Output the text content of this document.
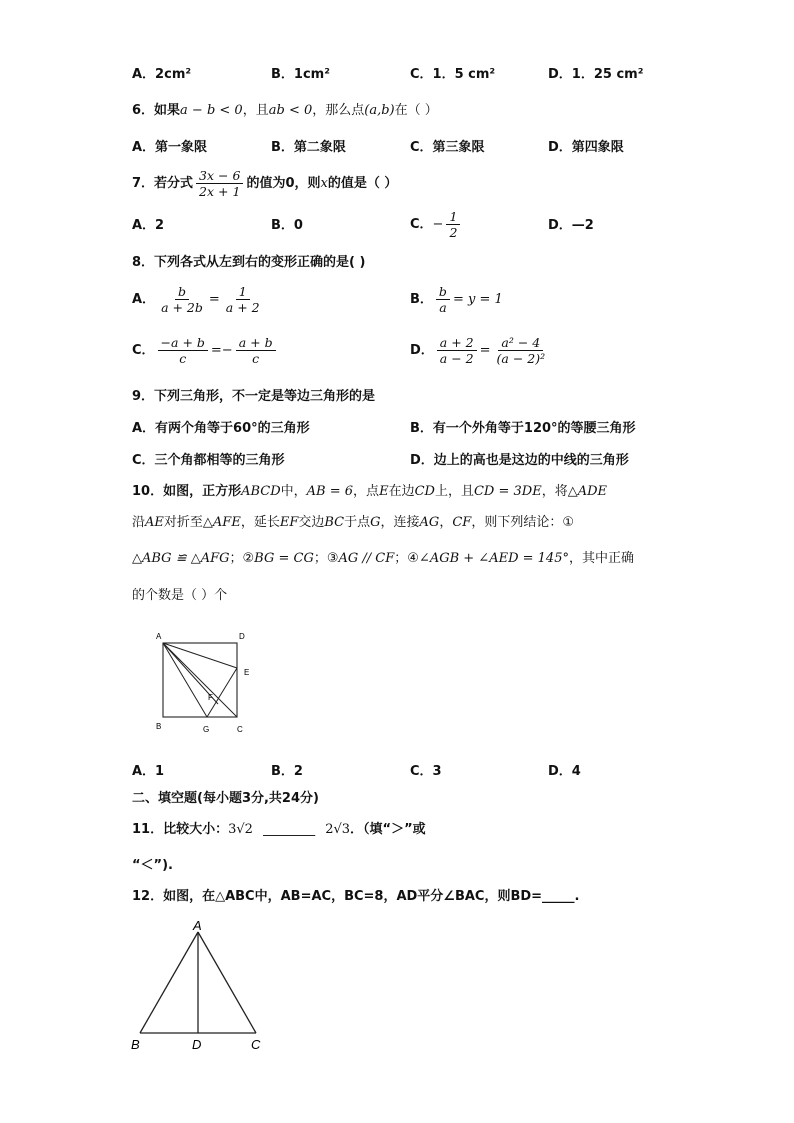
A．2cm²	B．1cm²	C．1．5 cm²	D．1．25 cm²
6．如果a − b < 0，且ab < 0，那么点(a,b)在（ ）
A．第一象限	B．第二象限	C．第三象限	D．第四象限
7．若分式 $\frac{3x - 6}{2x + 1}$ 的值为0，则x的值是（ ）
A．2	B．0	C．− $\frac{1}{2}$	D．—2
8．下列各式从左到右的变形正确的是( )
A． $\frac{b}{a + 2b} = \frac{1}{a + 2}$	B． $\frac{b}{a} = y = 1$
C． $\frac{-a + b}{c} =- \frac{a + b}{c}$	D． $\frac{a + 2}{a - 2} = \frac{\text{a² − 4}}{\text{(a − 2)²}}$
9．下列三角形，不一定是等边三角形的是
A．有两个角等于60°的三角形	B．有一个外角等于120°的等腰三角形
C．三个角都相等的三角形	D．边上的高也是这边的中线的三角形
10．如图，正方形ABCD中，AB = 6，点E在边CD上，且CD = 3DE，将△ADE
沿AE对折至△AFE，延长EF交边BC于点G，连接AG，CF，则下列结论：①
△ABG ≌ △AFG；②BG = CG；③AG // CF；④∠AGB + ∠AED = 145°，其中正确
的个数是（ ）个
A	D
E
F
B	G	C
A．1	B．2	C．3	D．4
二、填空题(每小题3分,共24分)
11．比较大小：3√2 ________ 2√3．（填“＞”或
“＜”).
12．如图，在△ABC中，AB=AC，BC=8，AD平分∠BAC，则BD=_____.
A
B	D	C
